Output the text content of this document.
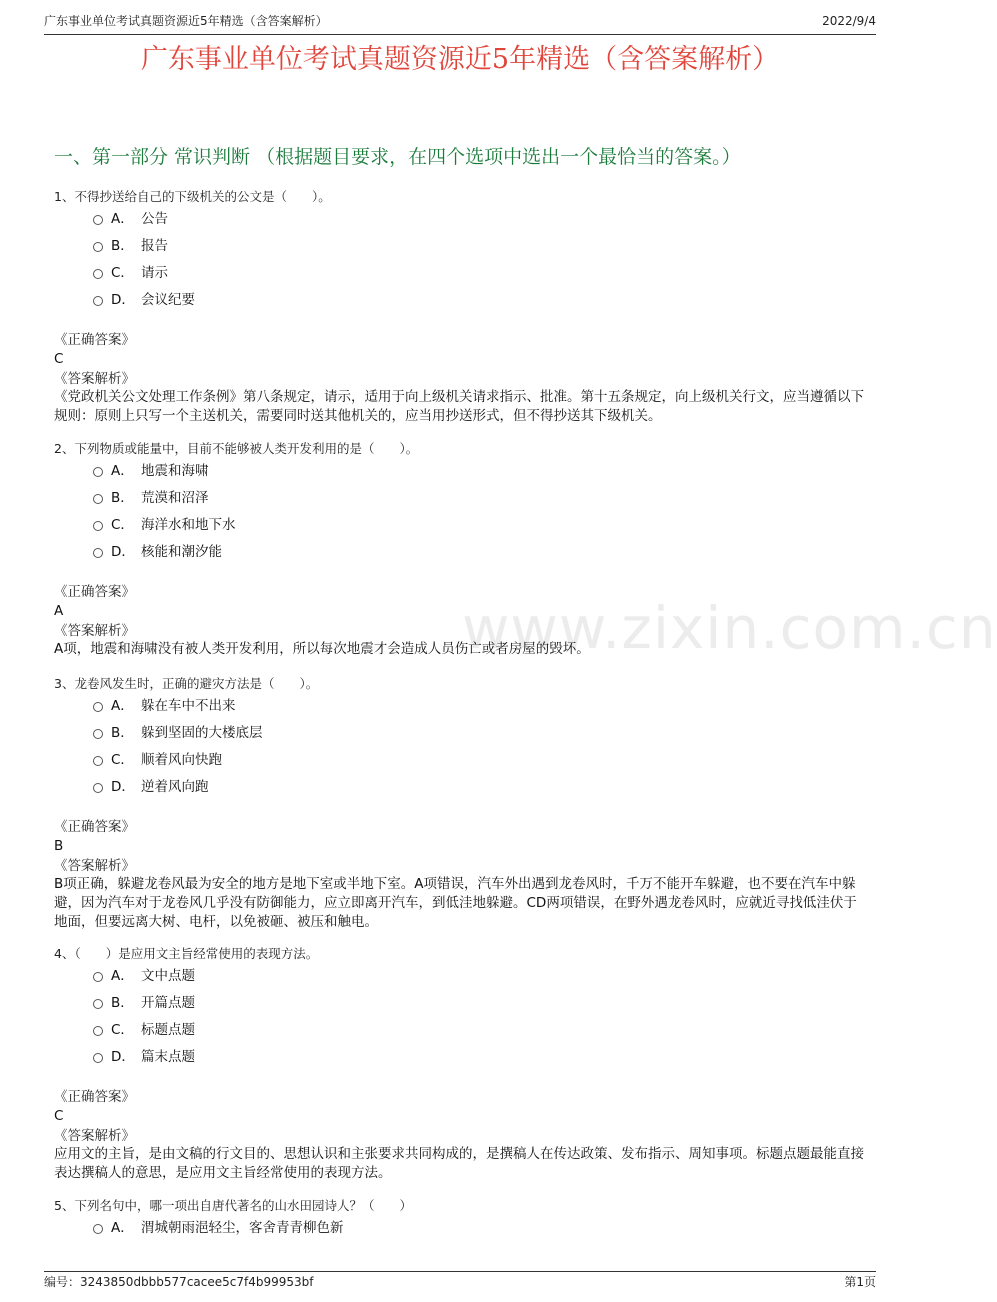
广东事业单位考试真题资源近5年精选（含答案解析）	2022/9/4
广东事业单位考试真题资源近5年精选（含答案解析）
一、第一部分 常识判断 （根据题目要求，在四个选项中选出一个最恰当的答案。）
www.zixin.com.cn
1、不得抄送给自己的下级机关的公文是（　　）。
A． 公告
B． 报告
C． 请示
D． 会议纪要
《正确答案》
C
《答案解析》
《党政机关公文处理工作条例》第八条规定，请示，适用于向上级机关请求指示、批准。第十五条规定，向上级机关行文，应当遵循以下规则：原则上只写一个主送机关，需要同时送其他机关的，应当用抄送形式，但不得抄送其下级机关。
2、下列物质或能量中，目前不能够被人类开发利用的是（　　）。
A． 地震和海啸
B． 荒漠和沼泽
C． 海洋水和地下水
D． 核能和潮汐能
《正确答案》
A
《答案解析》
A项，地震和海啸没有被人类开发利用，所以每次地震才会造成人员伤亡或者房屋的毁坏。
3、龙卷风发生时，正确的避灾方法是（　　）。
A． 躲在车中不出来
B． 躲到坚固的大楼底层
C． 顺着风向快跑
D． 逆着风向跑
《正确答案》
B
《答案解析》
B项正确，躲避龙卷风最为安全的地方是地下室或半地下室。A项错误，汽车外出遇到龙卷风时，千万不能开车躲避，也不要在汽车中躲避，因为汽车对于龙卷风几乎没有防御能力，应立即离开汽车，到低洼地躲避。CD两项错误，在野外遇龙卷风时，应就近寻找低洼伏于地面，但要远离大树、电杆，以免被砸、被压和触电。
4、（　　）是应用文主旨经常使用的表现方法。
A． 文中点题
B． 开篇点题
C． 标题点题
D． 篇末点题
《正确答案》
C
《答案解析》
应用文的主旨，是由文稿的行文目的、思想认识和主张要求共同构成的，是撰稿人在传达政策、发布指示、周知事项。标题点题最能直接表达撰稿人的意思，是应用文主旨经常使用的表现方法。
5、下列名句中，哪一项出自唐代著名的山水田园诗人？（　　）
A． 渭城朝雨浥轻尘，客舍青青柳色新
编号：3243850dbbb577cacee5c7f4b99953bf	第1页
